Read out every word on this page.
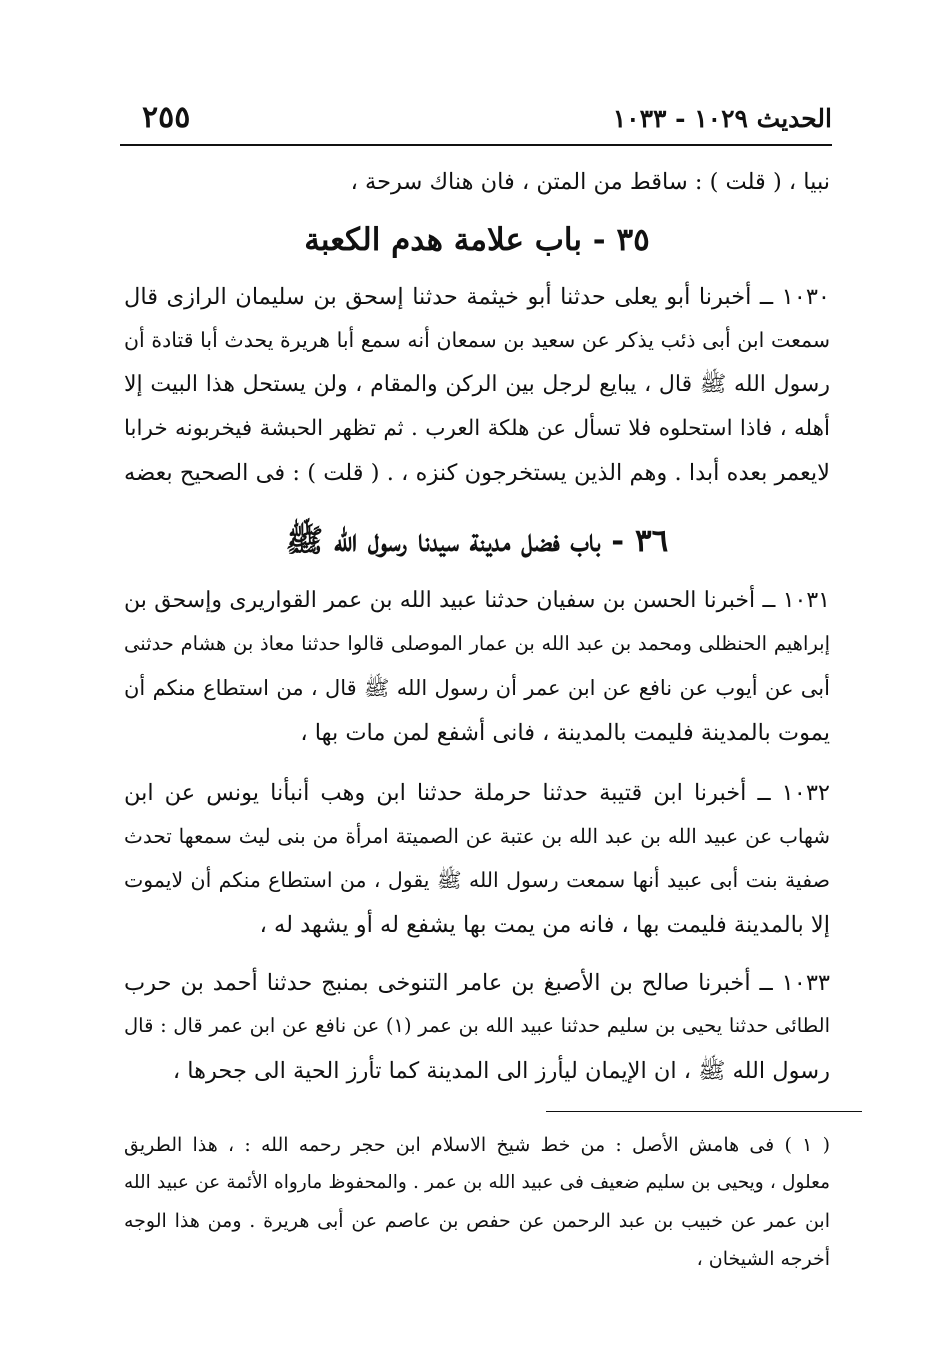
الحديث ١٠٢٩ - ١٠٣٣
٢٥٥
نبيا ، ( قلت ) : ساقط من المتن ، فان هناك سرحة ،
٣٥ - باب علامة هدم الكعبة
١٠٣٠ ــ أخبرنا أبو يعلى حدثنا أبو خيثمة حدثنا إسحق بن سليمان الرازى قال
سمعت ابن أبى ذئب يذكر عن سعيد بن سمعان أنه سمع أبا هريرة يحدث أبا قتادة أن
رسول الله ﷺ قال ، يبايع لرجل بين الركن والمقام ، ولن يستحل هذا البيت إلا
أهله ، فاذا استحلوه فلا تسأل عن هلكة العرب . ثم تظهر الحبشة فيخربونه خرابا
لايعمر بعده أبدا . وهم الذين يستخرجون كنزه ، . ( قلت ) : فى الصحيح بعضه
٣٦ - باب فضل مدينة سيدنا رسول الله ﷺ
١٠٣١ ــ أخبرنا الحسن بن سفيان حدثنا عبيد الله بن عمر القواريرى وإسحق بن
إبراهيم الحنظلى ومحمد بن عبد الله بن عمار الموصلى قالوا حدثنا معاذ بن هشام حدثنى
أبى عن أيوب عن نافع عن ابن عمر أن رسول الله ﷺ قال ، من استطاع منكم أن
يموت بالمدينة فليمت بالمدينة ، فانى أشفع لمن مات بها ،
١٠٣٢ ــ أخبرنا ابن قتيبة حدثنا حرملة حدثنا ابن وهب أنبأنا يونس عن ابن
شهاب عن عبيد الله بن عبد الله بن عتبة عن الصميتة امرأة من بنى ليث سمعها تحدث
صفية بنت أبى عبيد أنها سمعت رسول الله ﷺ يقول ، من استطاع منكم أن لايموت
إلا بالمدينة فليمت بها ، فانه من يمت بها يشفع له أو يشهد له ،
١٠٣٣ ــ أخبرنا صالح بن الأصبغ بن عامر التنوخى بمنبج حدثنا أحمد بن حرب
الطائى حدثنا يحيى بن سليم حدثنا عبيد الله بن عمر (١) عن نافع عن ابن عمر قال : قال
رسول الله ﷺ ، ان الإيمان ليأرز الى المدينة كما تأرز الحية الى جحرها ،
( ١ ) فى هامش الأصل : من خط شيخ الاسلام ابن حجر رحمه الله : ، هذا الطريق
معلول ، ويحيى بن سليم ضعيف فى عبيد الله بن عمر . والمحفوظ مارواه الأئمة عن عبيد الله
ابن عمر عن خبيب بن عبد الرحمن عن حفص بن عاصم عن أبى هريرة . ومن هذا الوجه
أخرجه الشيخان ،
